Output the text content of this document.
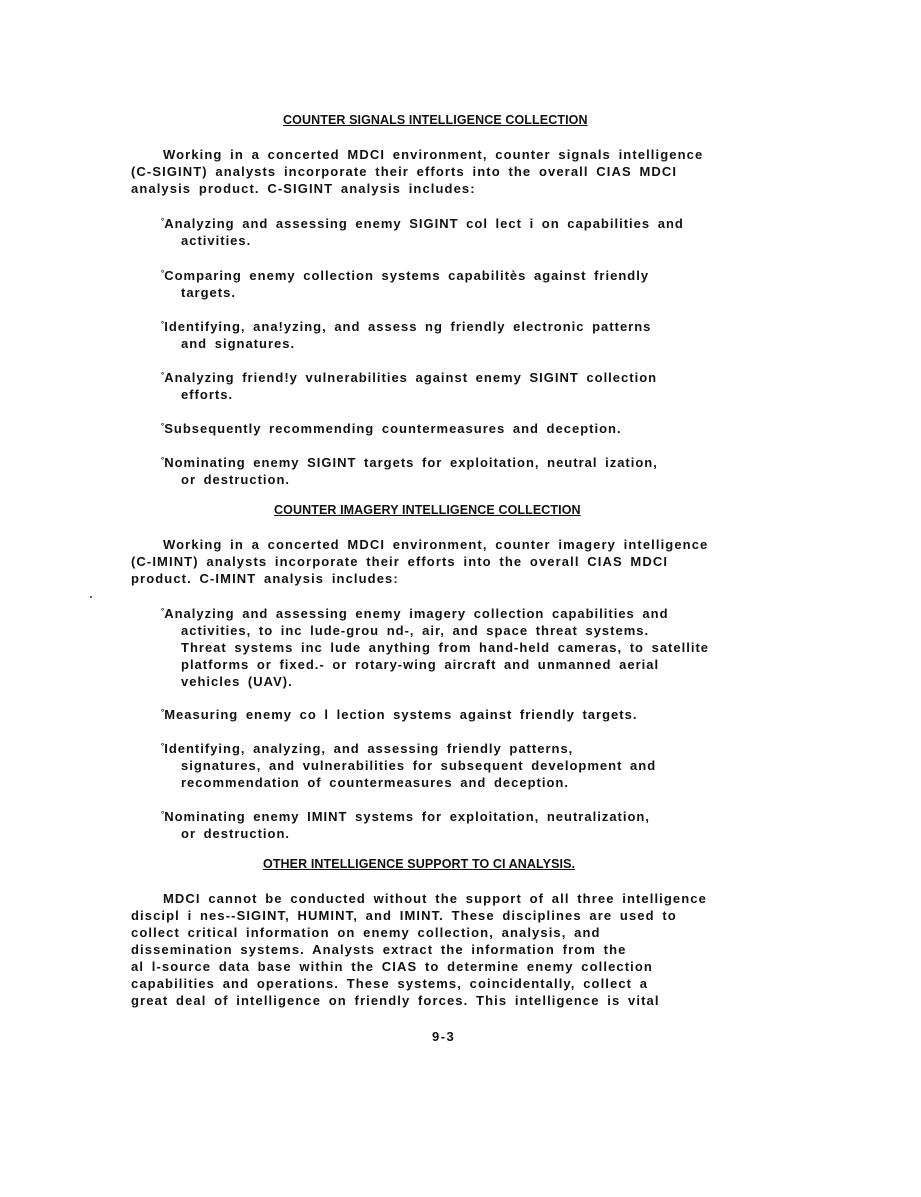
COUNTER SIGNALS INTELLIGENCE COLLECTION
Working in a concerted MDCI environment, counter signals intelligence
(C-SIGINT) analysts incorporate their efforts into the overall CIAS MDCI
analysis product. C-SIGINT analysis includes:
°Analyzing and assessing enemy SIGINT col lect i on capabilities and
activities.
°Comparing enemy collection systems capabilitès against friendly
targets.
°Identifying, ana!yzing, and assess ng friendly electronic patterns
and signatures.
°Analyzing friend!y vulnerabilities against enemy SIGINT collection
efforts.
°Subsequently recommending countermeasures and deception.
°Nominating enemy SIGINT targets for exploitation, neutral ization,
or destruction.
COUNTER IMAGERY INTELLIGENCE COLLECTION
Working in a concerted MDCI environment, counter imagery intelligence
(C-IMINT) analysts incorporate their efforts into the overall CIAS MDCI
product. C-IMINT analysis includes:
°Analyzing and assessing enemy imagery collection capabilities and
activities, to inc lude-grou nd-, air, and space threat systems.
Threat systems inc lude anything from hand-held cameras, to satellite
platforms or fixed.- or rotary-wing aircraft and unmanned aerial
vehicles (UAV).
°Measuring enemy co l lection systems against friendly targets.
°Identifying, analyzing, and assessing friendly patterns,
signatures, and vulnerabilities for subsequent development and
recommendation of countermeasures and deception.
°Nominating enemy IMINT systems for exploitation, neutralization,
or destruction.
OTHER INTELLIGENCE SUPPORT TO CI ANALYSIS.
MDCI cannot be conducted without the support of all three intelligence
discipl i nes--SIGINT, HUMINT, and IMINT. These disciplines are used to
collect critical information on enemy collection, analysis, and
dissemination systems. Analysts extract the information from the
al l-source data base within the CIAS to determine enemy collection
capabilities and operations. These systems, coincidentally, collect a
great deal of intelligence on friendly forces. This intelligence is vital
9-3
